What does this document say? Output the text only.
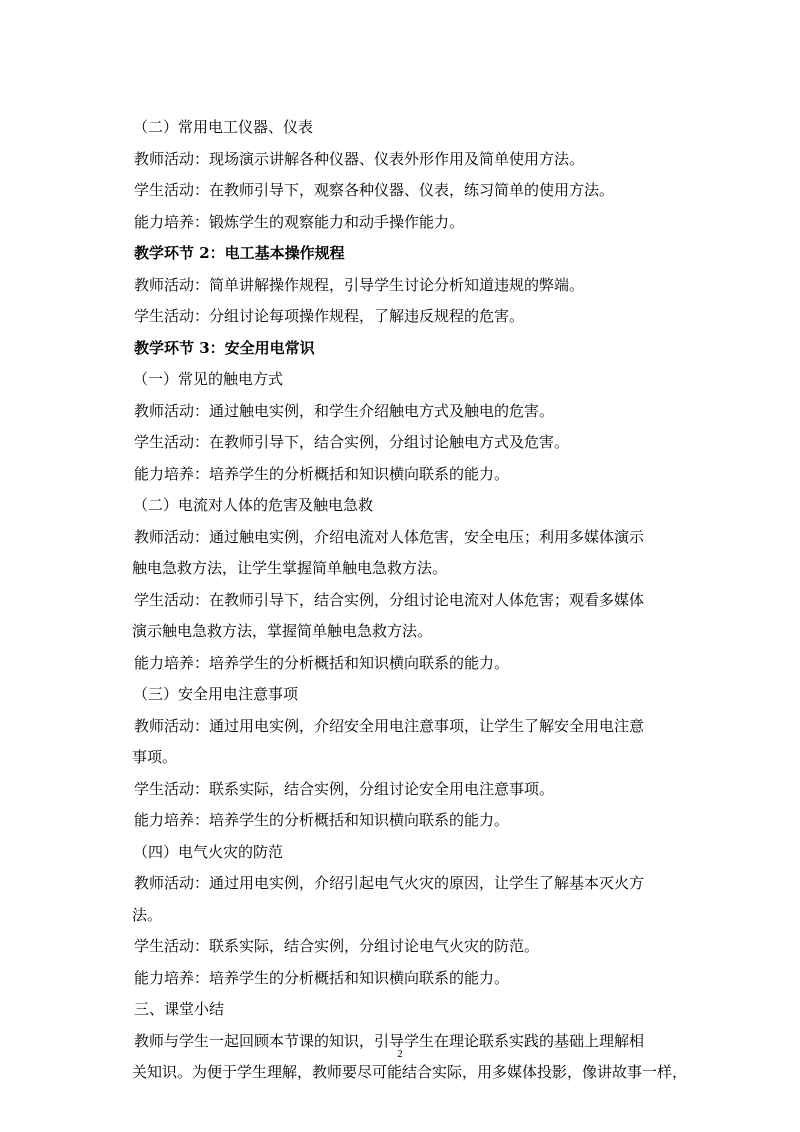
（二）常用电工仪器、仪表
教师活动：现场演示讲解各种仪器、仪表外形作用及简单使用方法。
学生活动：在教师引导下，观察各种仪器、仪表，练习简单的使用方法。
能力培养：锻炼学生的观察能力和动手操作能力。
教学环节 2：电工基本操作规程
教师活动：简单讲解操作规程，引导学生讨论分析知道违规的弊端。
学生活动：分组讨论每项操作规程，了解违反规程的危害。
教学环节 3：安全用电常识
（一）常见的触电方式
教师活动：通过触电实例，和学生介绍触电方式及触电的危害。
学生活动：在教师引导下，结合实例，分组讨论触电方式及危害。
能力培养：培养学生的分析概括和知识横向联系的能力。
（二）电流对人体的危害及触电急救
教师活动：通过触电实例，介绍电流对人体危害，安全电压；利用多媒体演示
触电急救方法，让学生掌握简单触电急救方法。
学生活动：在教师引导下，结合实例，分组讨论电流对人体危害；观看多媒体
演示触电急救方法，掌握简单触电急救方法。
能力培养：培养学生的分析概括和知识横向联系的能力。
（三）安全用电注意事项
教师活动：通过用电实例，介绍安全用电注意事项，让学生了解安全用电注意
事项。
学生活动：联系实际，结合实例，分组讨论安全用电注意事项。
能力培养：培养学生的分析概括和知识横向联系的能力。
（四）电气火灾的防范
教师活动：通过用电实例，介绍引起电气火灾的原因，让学生了解基本灭火方
法。
学生活动：联系实际，结合实例，分组讨论电气火灾的防范。
能力培养：培养学生的分析概括和知识横向联系的能力。
三、课堂小结
教师与学生一起回顾本节课的知识，引导学生在理论联系实践的基础上理解相
关知识。为便于学生理解，教师要尽可能结合实际，用多媒体投影，像讲故事一样，
2
